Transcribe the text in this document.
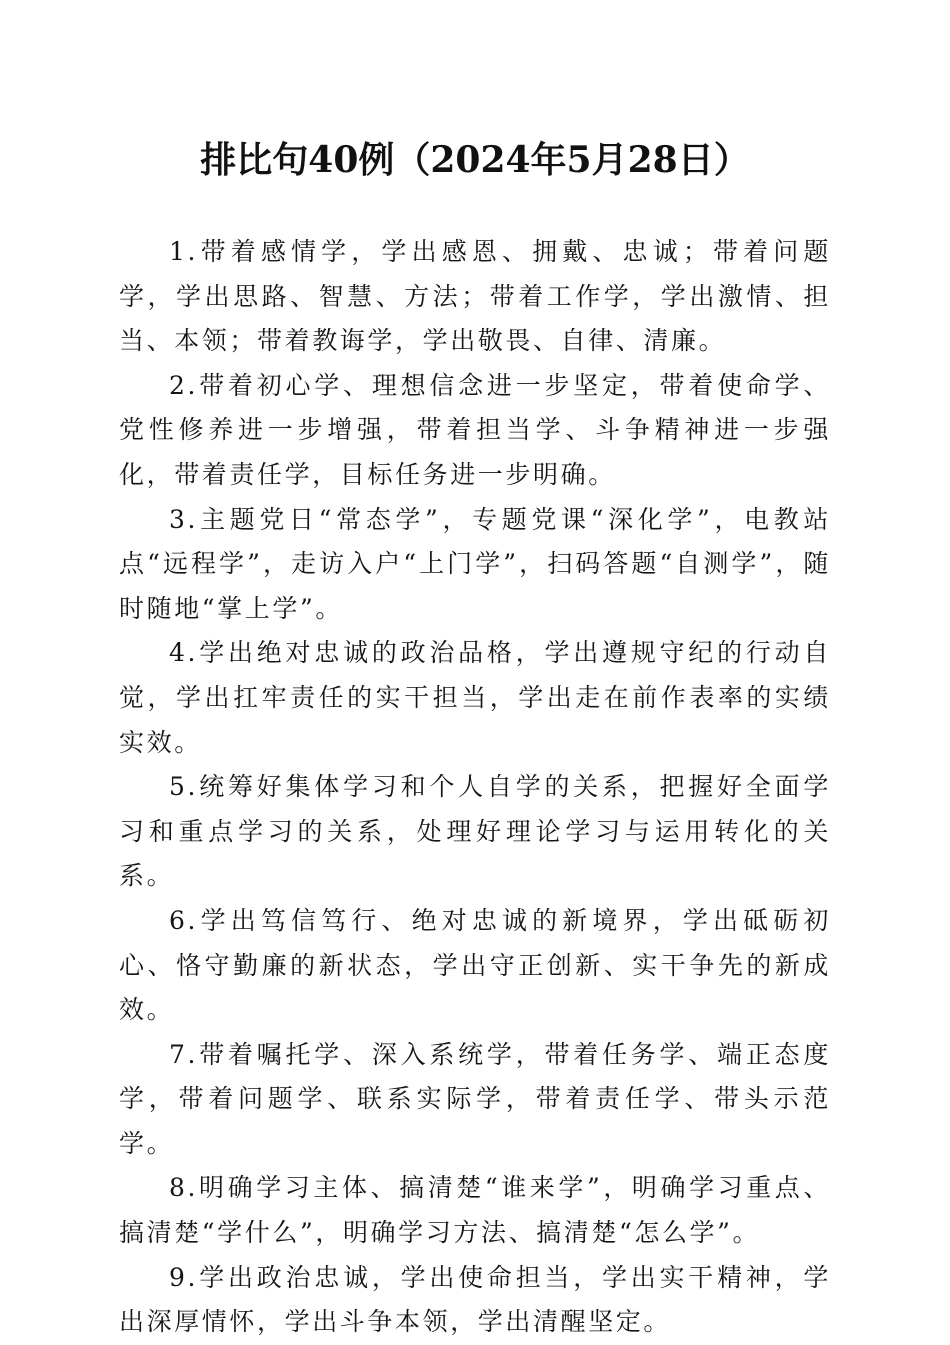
排比句40例（2024年5月28日）

1.带着感情学，学出感恩、拥戴、忠诚；带着问题学，学出思路、智慧、方法；带着工作学，学出激情、担当、本领；带着教诲学，学出敬畏、自律、清廉。

2.带着初心学、理想信念进一步坚定，带着使命学、党性修养进一步增强，带着担当学、斗争精神进一步强化，带着责任学，目标任务进一步明确。

3.主题党日“常态学”，专题党课“深化学”，电教站点“远程学”，走访入户“上门学”，扫码答题“自测学”，随时随地“掌上学”。

4.学出绝对忠诚的政治品格，学出遵规守纪的行动自觉，学出扛牢责任的实干担当，学出走在前作表率的实绩实效。

5.统筹好集体学习和个人自学的关系，把握好全面学习和重点学习的关系，处理好理论学习与运用转化的关系。

6.学出笃信笃行、绝对忠诚的新境界，学出砥砺初心、恪守勤廉的新状态，学出守正创新、实干争先的新成效。

7.带着嘱托学、深入系统学，带着任务学、端正态度学，带着问题学、联系实际学，带着责任学、带头示范学。

8.明确学习主体、搞清楚“谁来学”，明确学习重点、搞清楚“学什么”，明确学习方法、搞清楚“怎么学”。

9.学出政治忠诚，学出使命担当，学出实干精神，学出深厚情怀，学出斗争本领，学出清醒坚定。
